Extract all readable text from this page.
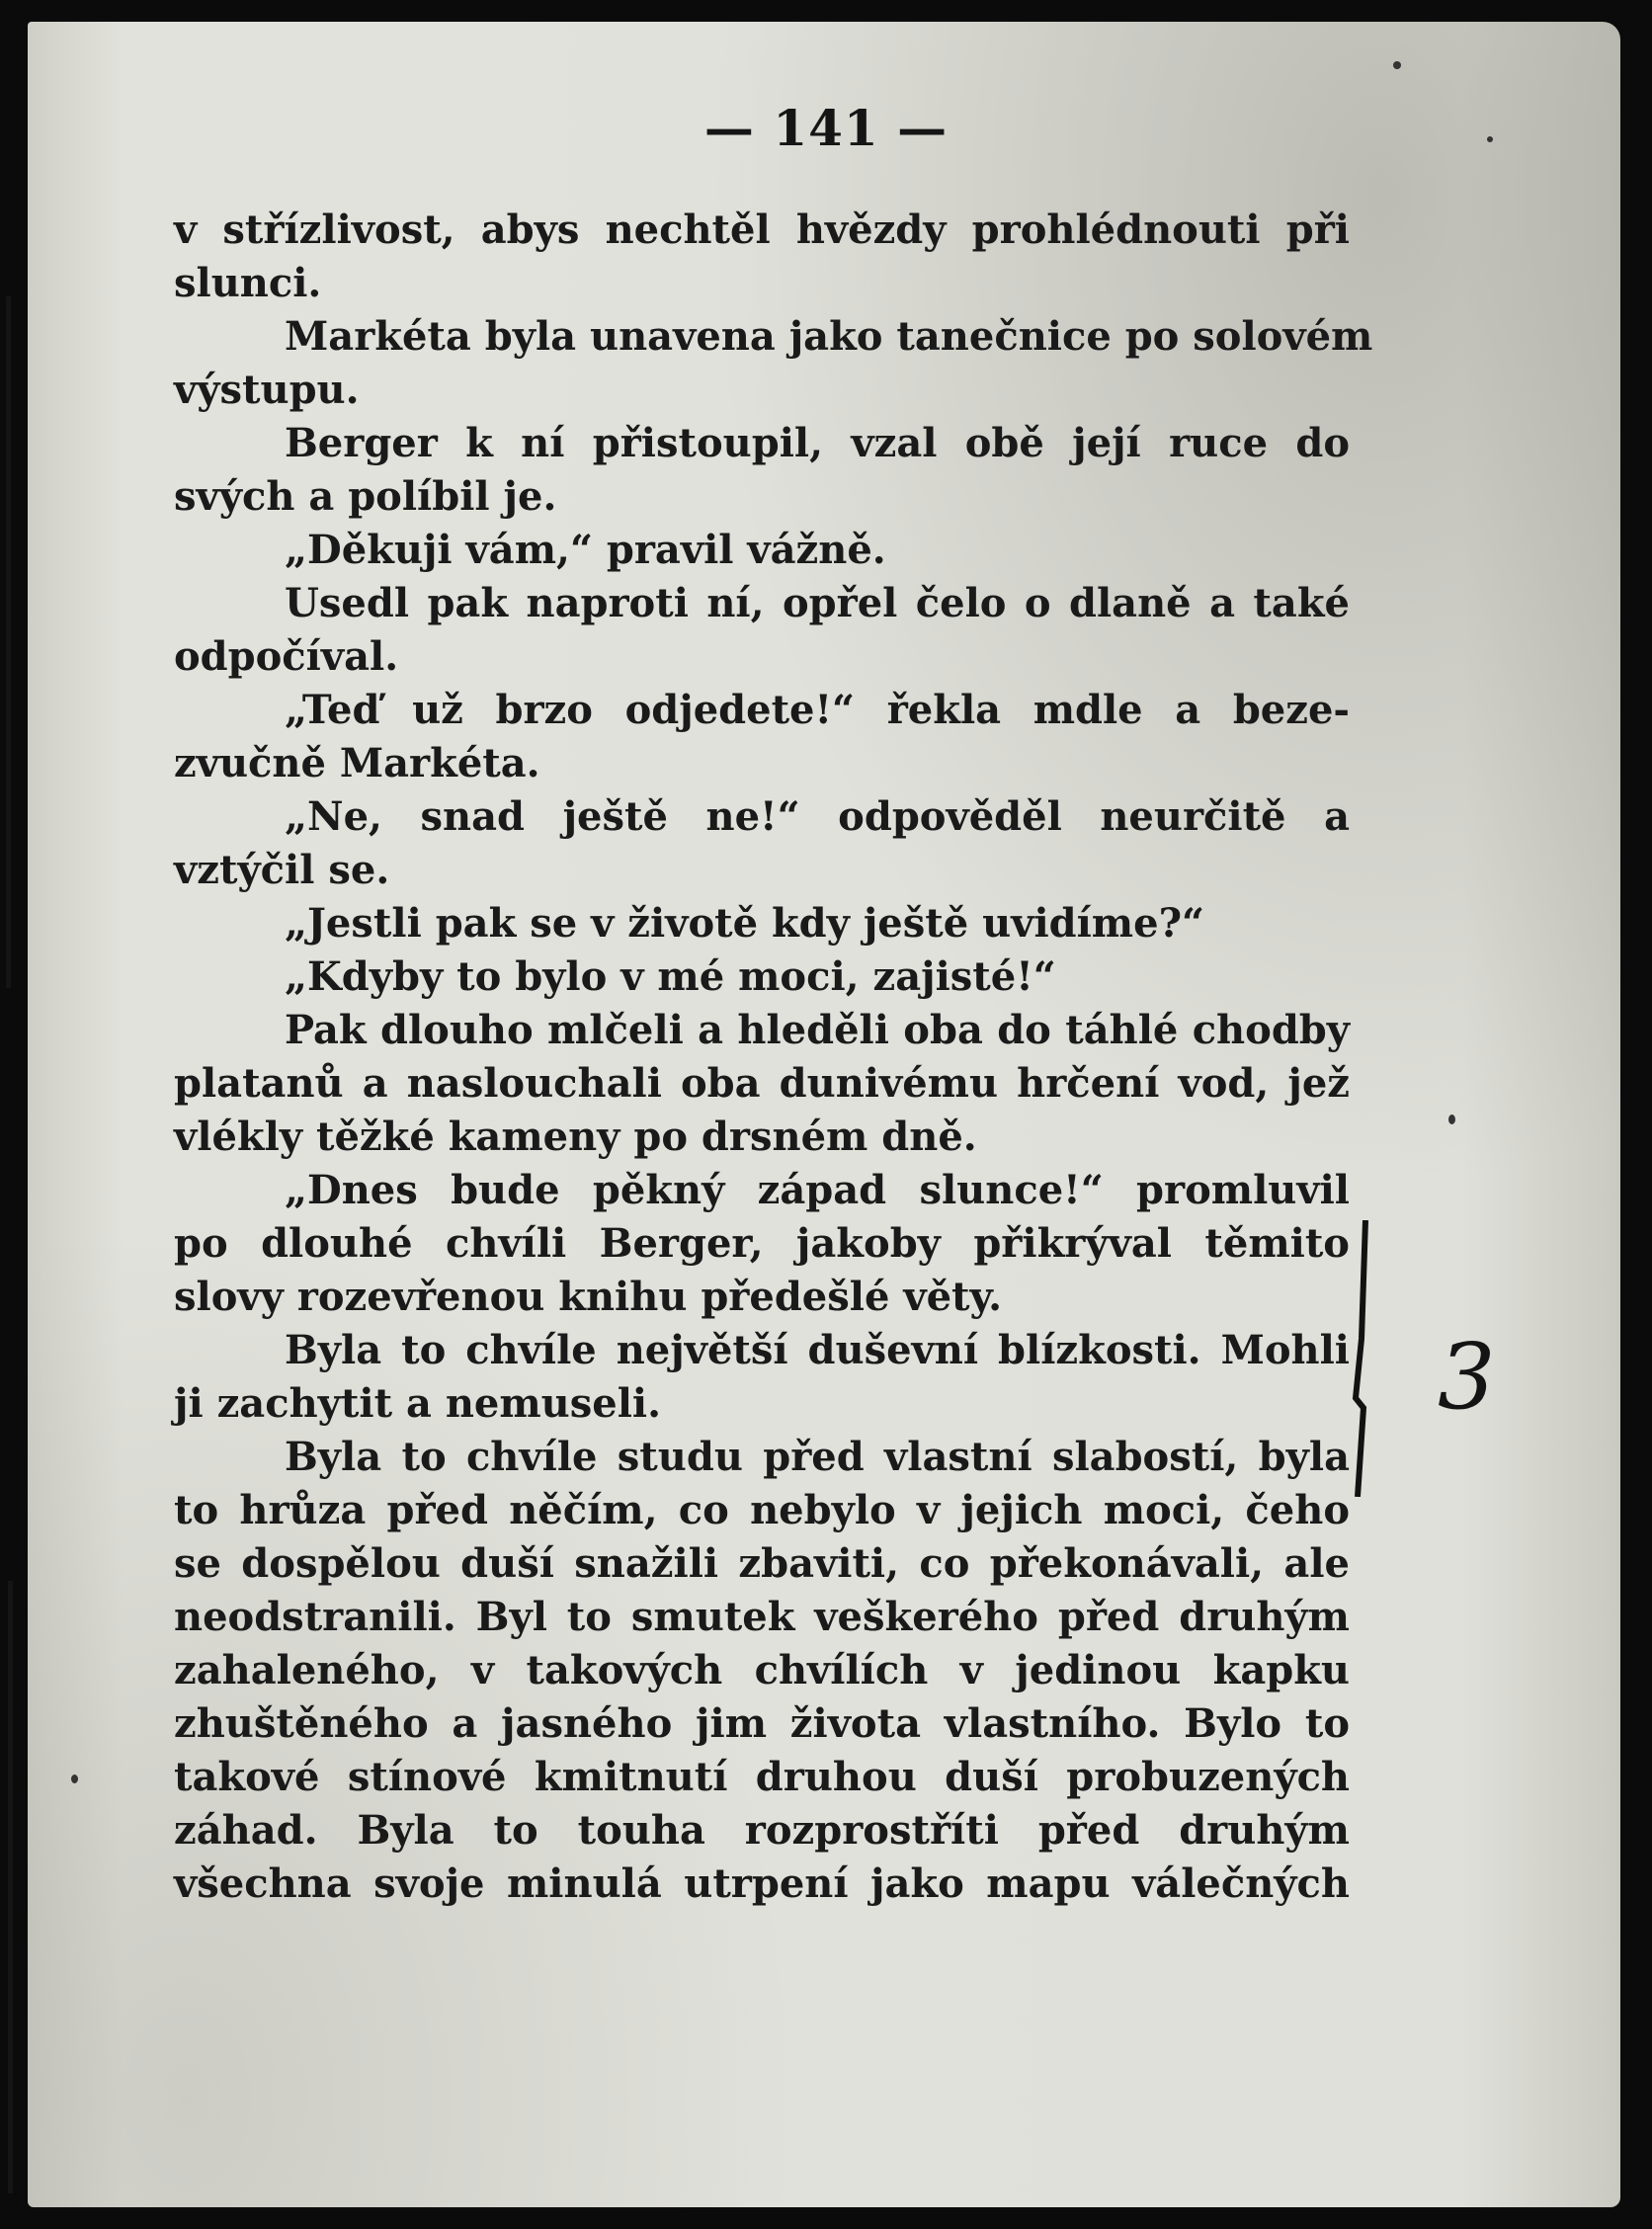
— 141 —
v střízlivost, abys nechtěl hvězdy prohlédnouti při
slunci.
Markéta byla unavena jako tanečnice po solovém
výstupu.
Berger k ní přistoupil, vzal obě její ruce do
svých a políbil je.
„Děkuji vám,“ pravil vážně.
Usedl pak naproti ní, opřel čelo o dlaně a také
odpočíval.
„Teď už brzo odjedete!“ řekla mdle a beze-
zvučně Markéta.
„Ne, snad ještě ne!“ odpověděl neurčitě a
vztýčil se.
„Jestli pak se v životě kdy ještě uvidíme?“
„Kdyby to bylo v mé moci, zajisté!“
Pak dlouho mlčeli a hleděli oba do táhlé chodby
platanů a naslouchali oba dunivému hrčení vod, jež
vlékly těžké kameny po drsném dně.
„Dnes bude pěkný západ slunce!“ promluvil
po dlouhé chvíli Berger, jakoby přikrýval těmito
slovy rozevřenou knihu předešlé věty.
Byla to chvíle největší duševní blízkosti. Mohli
ji zachytit a nemuseli.
Byla to chvíle studu před vlastní slabostí, byla
to hrůza před něčím, co nebylo v jejich moci, čeho
se dospělou duší snažili zbaviti, co překonávali, ale
neodstranili. Byl to smutek veškerého před druhým
zahaleného, v takových chvílích v jedinou kapku
zhuštěného a jasného jim života vlastního. Bylo to
takové stínové kmitnutí druhou duší probuzených
záhad. Byla to touha rozprostříti před druhým
všechna svoje minulá utrpení jako mapu válečných
3
